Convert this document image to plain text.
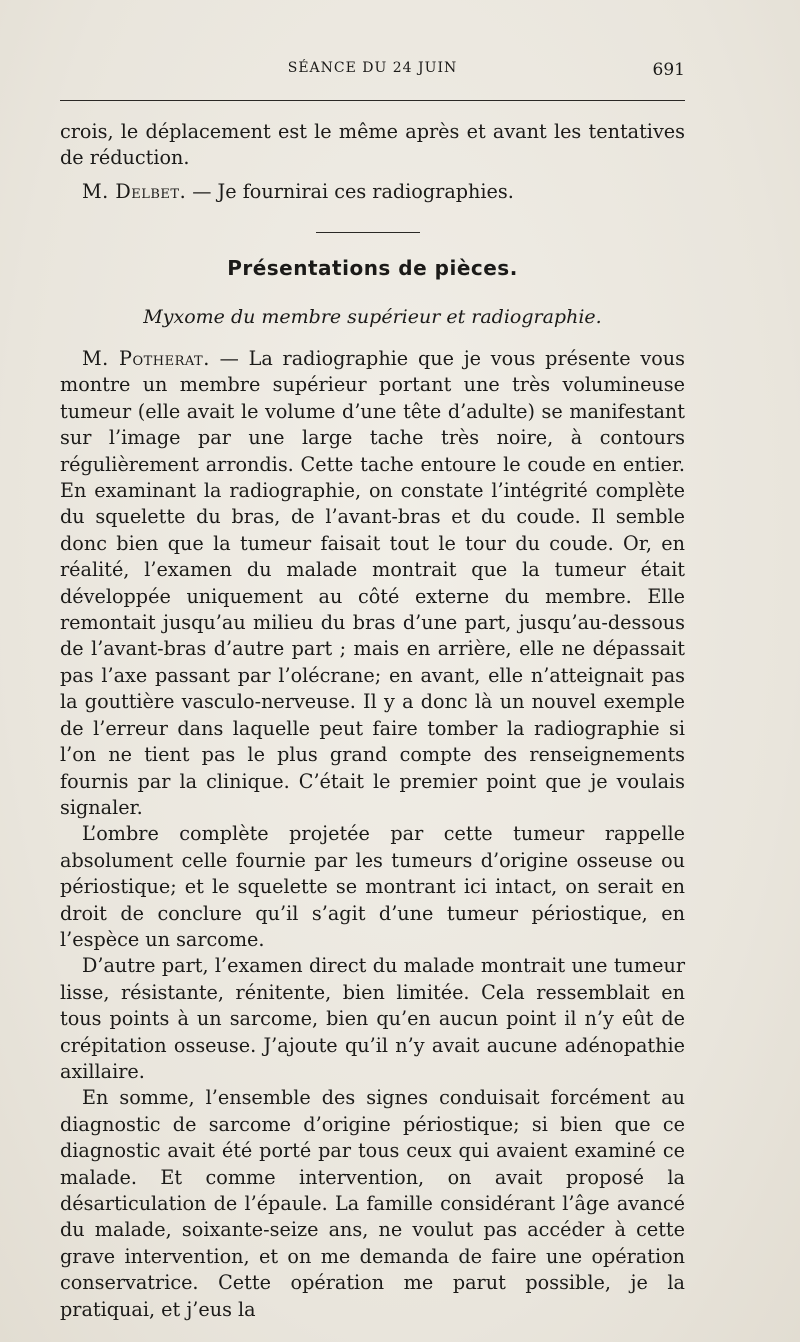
SÉANCE DU 24 JUIN	691

crois, le déplacement est le même après et avant les tentatives de réduction.

M. Delbet. — Je fournirai ces radiographies.

Présentations de pièces.
Myxome du membre supérieur et radiographie.

M. Potherat. — La radiographie que je vous présente vous montre un membre supérieur portant une très volumineuse tumeur (elle avait le volume d’une tête d’adulte) se manifestant sur l’image par une large tache très noire, à contours régulièrement arrondis. Cette tache entoure le coude en entier. En examinant la radiographie, on constate l’intégrité complète du squelette du bras, de l’avant-bras et du coude. Il semble donc bien que la tumeur faisait tout le tour du coude. Or, en réalité, l’examen du malade montrait que la tumeur était développée uniquement au côté externe du membre. Elle remontait jusqu’au milieu du bras d’une part, jusqu’au-dessous de l’avant-bras d’autre part ; mais en arrière, elle ne dépassait pas l’axe passant par l’olécrane; en avant, elle n’atteignait pas la gouttière vasculo-nerveuse. Il y a donc là un nouvel exemple de l’erreur dans laquelle peut faire tomber la radiographie si l’on ne tient pas le plus grand compte des renseignements fournis par la clinique. C’était le premier point que je voulais signaler.

L’ombre complète projetée par cette tumeur rappelle absolument celle fournie par les tumeurs d’origine osseuse ou périostique; et le squelette se montrant ici intact, on serait en droit de conclure qu’il s’agit d’une tumeur périostique, en l’espèce un sarcome.

D’autre part, l’examen direct du malade montrait une tumeur lisse, résistante, rénitente, bien limitée. Cela ressemblait en tous points à un sarcome, bien qu’en aucun point il n’y eût de crépitation osseuse. J’ajoute qu’il n’y avait aucune adénopathie axillaire.

En somme, l’ensemble des signes conduisait forcément au diagnostic de sarcome d’origine périostique; si bien que ce diagnostic avait été porté par tous ceux qui avaient examiné ce malade. Et comme intervention, on avait proposé la désarticulation de l’épaule. La famille considérant l’âge avancé du malade, soixante-seize ans, ne voulut pas accéder à cette grave intervention, et on me demanda de faire une opération conservatrice. Cette opération me parut possible, je la pratiquai, et j’eus la
